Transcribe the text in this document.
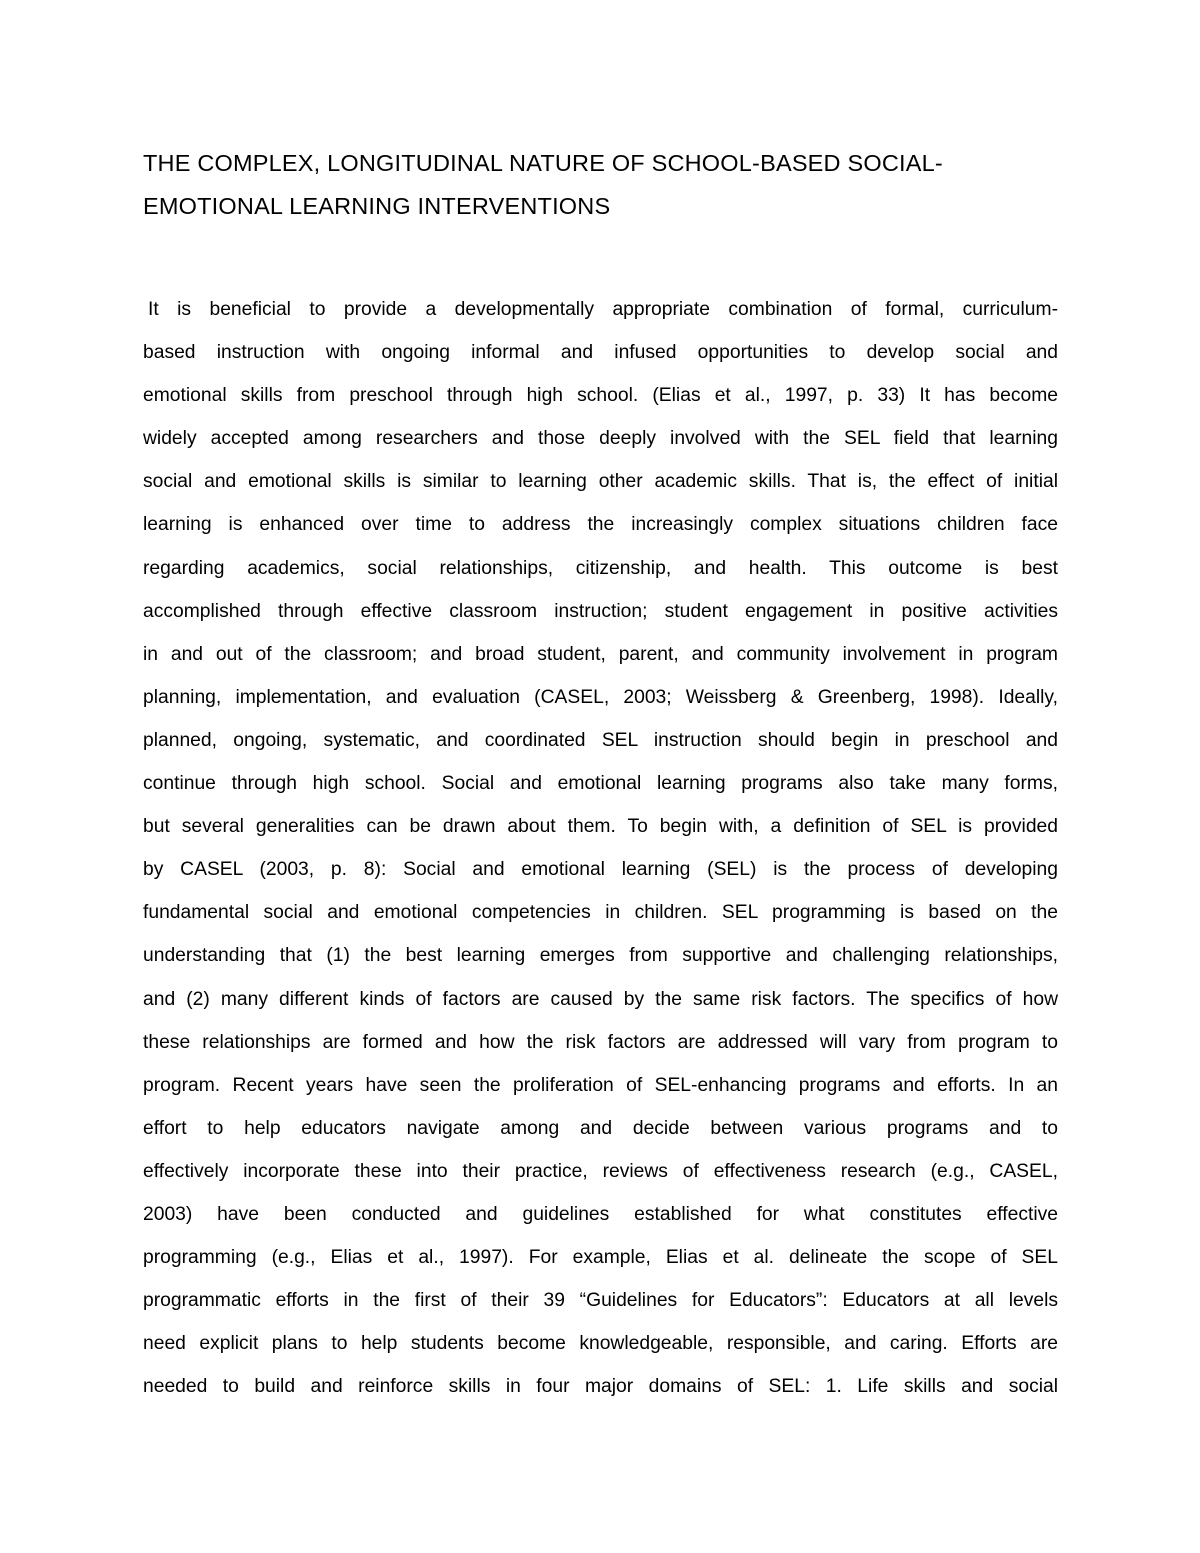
THE COMPLEX, LONGITUDINAL NATURE OF SCHOOL-BASED SOCIAL-
EMOTIONAL LEARNING INTERVENTIONS
It is beneficial to provide a developmentally appropriate combination of formal, curriculum-
based instruction with ongoing informal and infused opportunities to develop social and
emotional skills from preschool through high school. (Elias et al., 1997, p. 33) It has become
widely accepted among researchers and those deeply involved with the SEL field that learning
social and emotional skills is similar to learning other academic skills. That is, the effect of initial
learning is enhanced over time to address the increasingly complex situations children face
regarding academics, social relationships, citizenship, and health. This outcome is best
accomplished through effective classroom instruction; student engagement in positive activities
in and out of the classroom; and broad student, parent, and community involvement in program
planning, implementation, and evaluation (CASEL, 2003; Weissberg & Greenberg, 1998). Ideally,
planned, ongoing, systematic, and coordinated SEL instruction should begin in preschool and
continue through high school. Social and emotional learning programs also take many forms,
but several generalities can be drawn about them. To begin with, a definition of SEL is provided
by CASEL (2003, p. 8): Social and emotional learning (SEL) is the process of developing
fundamental social and emotional competencies in children. SEL programming is based on the
understanding that (1) the best learning emerges from supportive and challenging relationships,
and (2) many different kinds of factors are caused by the same risk factors. The specifics of how
these relationships are formed and how the risk factors are addressed will vary from program to
program. Recent years have seen the proliferation of SEL-enhancing programs and efforts. In an
effort to help educators navigate among and decide between various programs and to
effectively incorporate these into their practice, reviews of effectiveness research (e.g., CASEL,
2003) have been conducted and guidelines established for what constitutes effective
programming (e.g., Elias et al., 1997). For example, Elias et al. delineate the scope of SEL
programmatic efforts in the first of their 39 “Guidelines for Educators”: Educators at all levels
need explicit plans to help students become knowledgeable, responsible, and caring. Efforts are
needed to build and reinforce skills in four major domains of SEL: 1. Life skills and social
